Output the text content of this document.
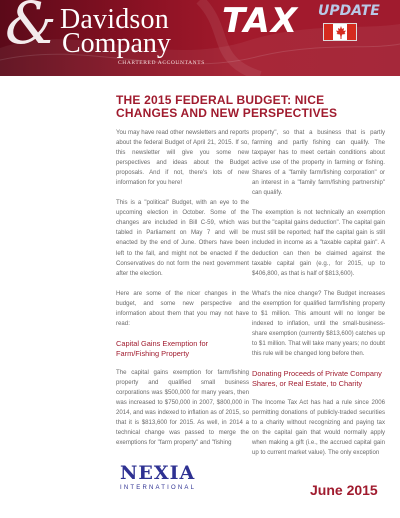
& Davidson
Company
CHARTERED ACCOUNTANTS
TAX UPDATE
THE 2015 FEDERAL BUDGET: NICE CHANGES AND NEW PERSPECTIVES

You may have read other newsletters and reports about the federal Budget of April 21, 2015. If so, this newsletter will give you some new perspectives and ideas about the Budget proposals. And if not, there's lots of new information for you here!

This is a "political" Budget, with an eye to the upcoming election in October. Some of the changes are included in Bill C-59, which was tabled in Parliament on May 7 and will be enacted by the end of June. Others have been left to the fall, and might not be enacted if the Conservatives do not form the next government after the election.

Here are some of the nicer changes in the budget, and some new perspective and information about them that you may not have read:

Capital Gains Exemption for Farm/Fishing Property

The capital gains exemption for farm/fishing property and qualified small business corporations was $500,000 for many years, then was increased to $750,000 in 2007, $800,000 in 2014, and was indexed to inflation as of 2015, so that it is $813,600 for 2015. As well, in 2014 a technical change was passed to merge the exemptions for "farm property" and "fishing

property", so that a business that is partly farming and partly fishing can qualify. The taxpayer has to meet certain conditions about active use of the property in farming or fishing. Shares of a "family farm/fishing corporation" or an interest in a "family farm/fishing partnership" can qualify.

The exemption is not technically an exemption but the "capital gains deduction". The capital gain must still be reported; half the capital gain is still included in income as a "taxable capital gain". A deduction can then be claimed against the taxable capital gain (e.g., for 2015, up to $406,800, as that is half of $813,600).

What's the nice change? The Budget increases the exemption for qualified farm/fishing property to $1 million. This amount will no longer be indexed to inflation, until the small-business-share exemption (currently $813,600) catches up to $1 million. That will take many years; no doubt this rule will be changed long before then.

Donating Proceeds of Private Company Shares, or Real Estate, to Charity

The Income Tax Act has had a rule since 2006 permitting donations of publicly-traded securities to a charity without recognizing and paying tax on the capital gain that would normally apply when making a gift (i.e., the accrued capital gain up to current market value). The only exception

NEXIA
INTERNATIONAL	June 2015
